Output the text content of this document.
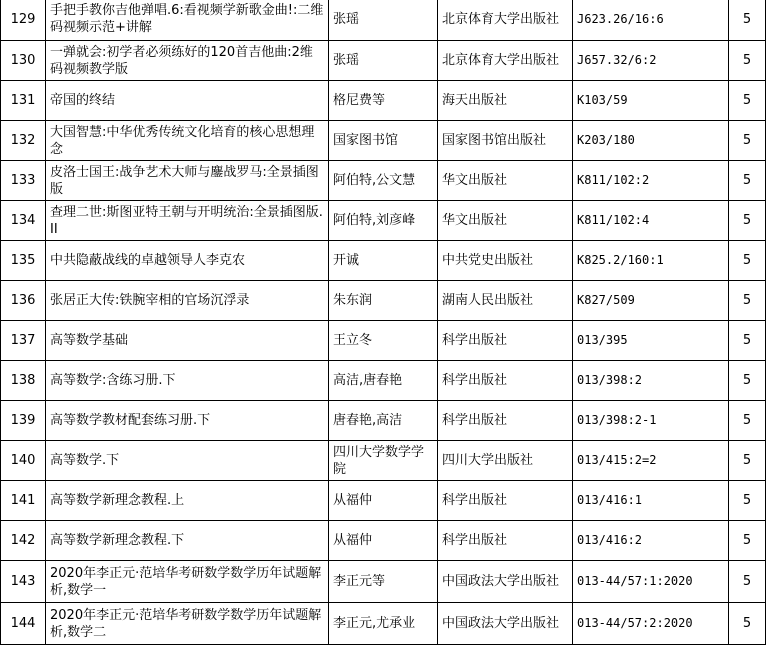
129	手把手教你吉他弹唱.6:看视频学新歌金曲!:二维码视频示范+讲解	张瑶	北京体育大学出版社	J623.26/16:6	5
130	一弹就会:初学者必须练好的120首吉他曲:2维码视频教学版	张瑶	北京体育大学出版社	J657.32/6:2	5
131	帝国的终结	格尼费等	海天出版社	K103/59	5
132	大国智慧:中华优秀传统文化培育的核心思想理念	国家图书馆	国家图书馆出版社	K203/180	5
133	皮洛士国王:战争艺术大师与鏖战罗马:全景插图版	阿伯特,公文慧	华文出版社	K811/102:2	5
134	查理二世:斯图亚特王朝与开明统治:全景插图版.II	阿伯特,刘彦峰	华文出版社	K811/102:4	5
135	中共隐蔽战线的卓越领导人李克农	开诚	中共党史出版社	K825.2/160:1	5
136	张居正大传:铁腕宰相的官场沉浮录	朱东润	湖南人民出版社	K827/509	5
137	高等数学基础	王立冬	科学出版社	013/395	5
138	高等数学:含练习册.下	高洁,唐春艳	科学出版社	013/398:2	5
139	高等数学教材配套练习册.下	唐春艳,高洁	科学出版社	013/398:2-1	5
140	高等数学.下	四川大学数学学院	四川大学出版社	013/415:2=2	5
141	高等数学新理念教程.上	从福仲	科学出版社	013/416:1	5
142	高等数学新理念教程.下	从福仲	科学出版社	013/416:2	5
143	2020年李正元·范培华考研数学数学历年试题解析,数学一	李正元等	中国政法大学出版社	013-44/57:1:2020	5
144	2020年李正元·范培华考研数学数学历年试题解析,数学二	李正元,尤承业	中国政法大学出版社	013-44/57:2:2020	5
